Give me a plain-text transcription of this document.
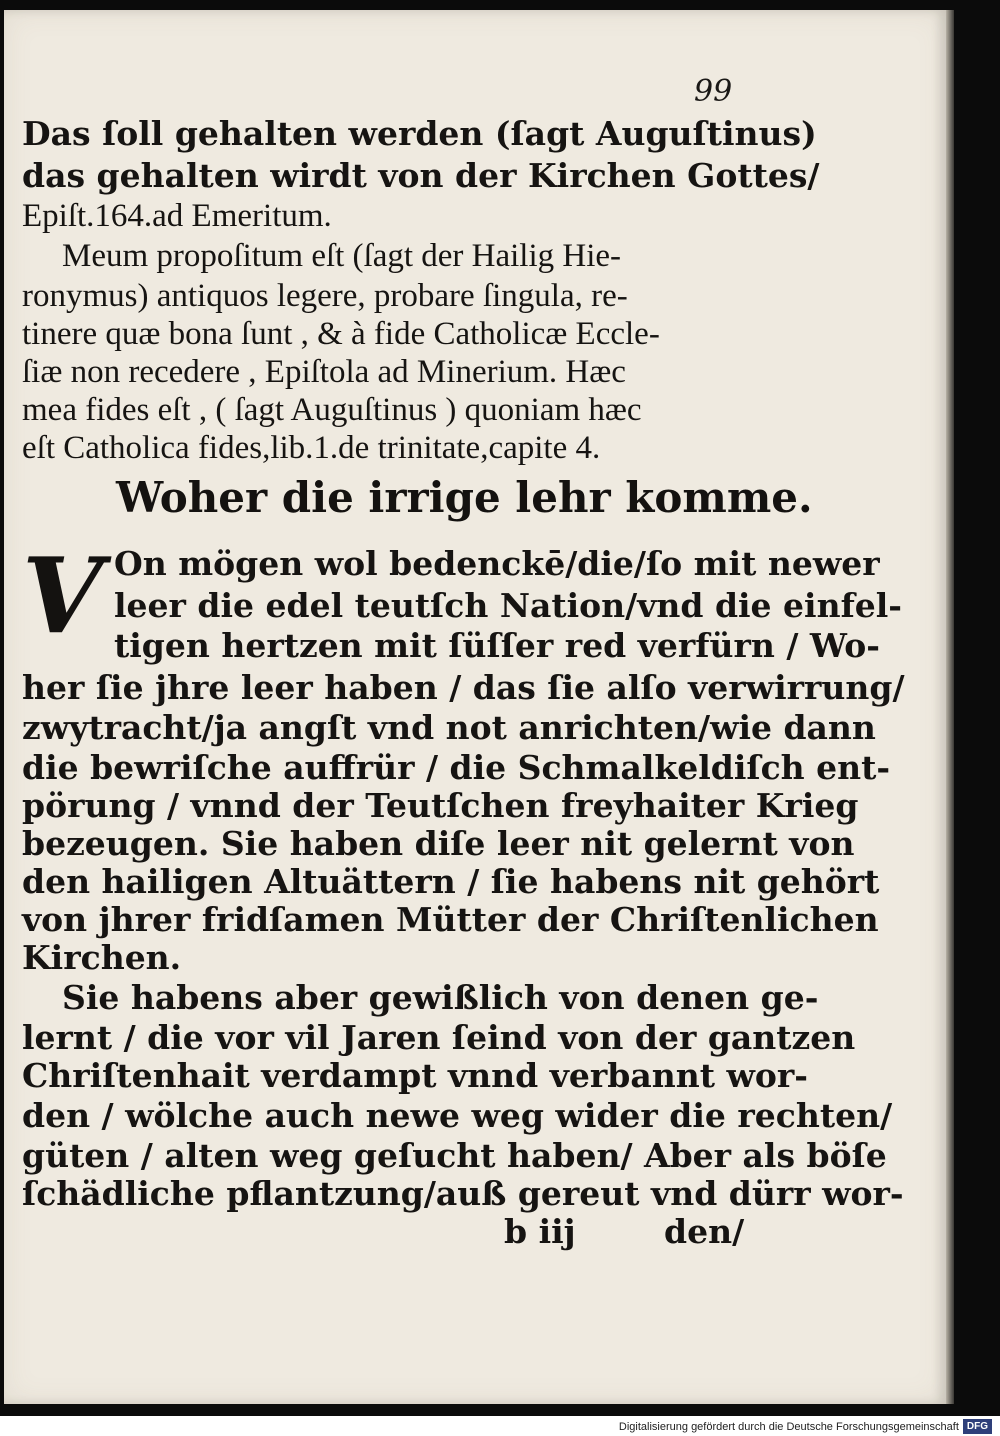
99

Das ſoll gehalten werden (ſagt Auguſtinus)

das gehalten wirdt von der Kirchen Gottes/

Epiſt.164.ad Emeritum.

Meum propoſitum eſt (ſagt der Hailig Hie-

ronymus) antiquos legere, probare ſingula, re-

tinere quæ bona ſunt , & à fide Catholicæ Eccle-

ſiæ non recedere , Epiſtola ad Minerium. Hæc

mea fides eſt , ( ſagt Auguſtinus ) quoniam hæc

eſt Catholica fides,lib.1.de trinitate,capite 4.

Woher die irrige lehr komme.
V On mögen wol bedenckē/die/ſo mit newer

leer die edel teutſch Nation/vnd die einfel-

tigen hertzen mit ſüſſer red verfürn / Wo-

her ſie jhre leer haben / das ſie alſo verwirrung/

zwytracht/ja angſt vnd not anrichten/wie dann

die bewriſche auffrür / die Schmalkeldiſch ent-

pörung / vnnd der Teutſchen freyhaiter Krieg

bezeugen. Sie haben diſe leer nit gelernt von

den hailigen Altuättern / ſie habens nit gehört

von jhrer fridſamen Mütter der Chriſtenlichen

Kirchen.

Sie habens aber gewißlich von denen ge-

lernt / die vor vil Jaren ſeind von der gantzen

Chriſtenhait verdampt vnnd verbannt wor-

den / wölche auch newe weg wider die rechten/

güten / alten weg geſucht haben/ Aber als böſe

ſchädliche pflantzung/auß gereut vnd dürr wor-

b iij	den/

Digitalisierung gefördert durch die Deutsche Forschungsgemeinschaft DFG
